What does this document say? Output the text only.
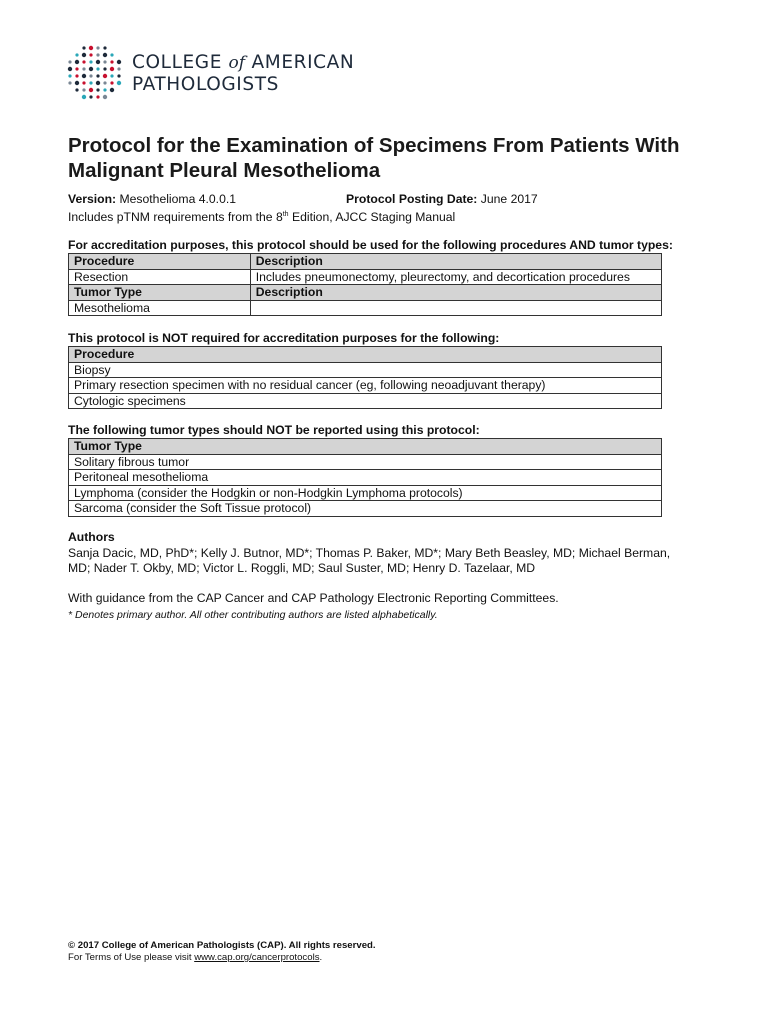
COLLEGE of AMERICAN
PATHOLOGISTS
Protocol for the Examination of Specimens From Patients With Malignant Pleural Mesothelioma
Version: Mesothelioma 4.0.0.1	Protocol Posting Date: June 2017
Includes pTNM requirements from the 8th Edition, AJCC Staging Manual
For accreditation purposes, this protocol should be used for the following procedures AND tumor types:
Procedure	Description
Resection	Includes pneumonectomy, pleurectomy, and decortication procedures
Tumor Type	Description
Mesothelioma	
This protocol is NOT required for accreditation purposes for the following:
Procedure
Biopsy
Primary resection specimen with no residual cancer (eg, following neoadjuvant therapy)
Cytologic specimens
The following tumor types should NOT be reported using this protocol:
Tumor Type
Solitary fibrous tumor
Peritoneal mesothelioma
Lymphoma (consider the Hodgkin or non-Hodgkin Lymphoma protocols)
Sarcoma (consider the Soft Tissue protocol)
Authors
Sanja Dacic, MD, PhD*; Kelly J. Butnor, MD*; Thomas P. Baker, MD*; Mary Beth Beasley, MD; Michael Berman,
MD; Nader T. Okby, MD; Victor L. Roggli, MD; Saul Suster, MD; Henry D. Tazelaar, MD
With guidance from the CAP Cancer and CAP Pathology Electronic Reporting Committees.
* Denotes primary author. All other contributing authors are listed alphabetically.
© 2017 College of American Pathologists (CAP). All rights reserved.
For Terms of Use please visit www.cap.org/cancerprotocols.
